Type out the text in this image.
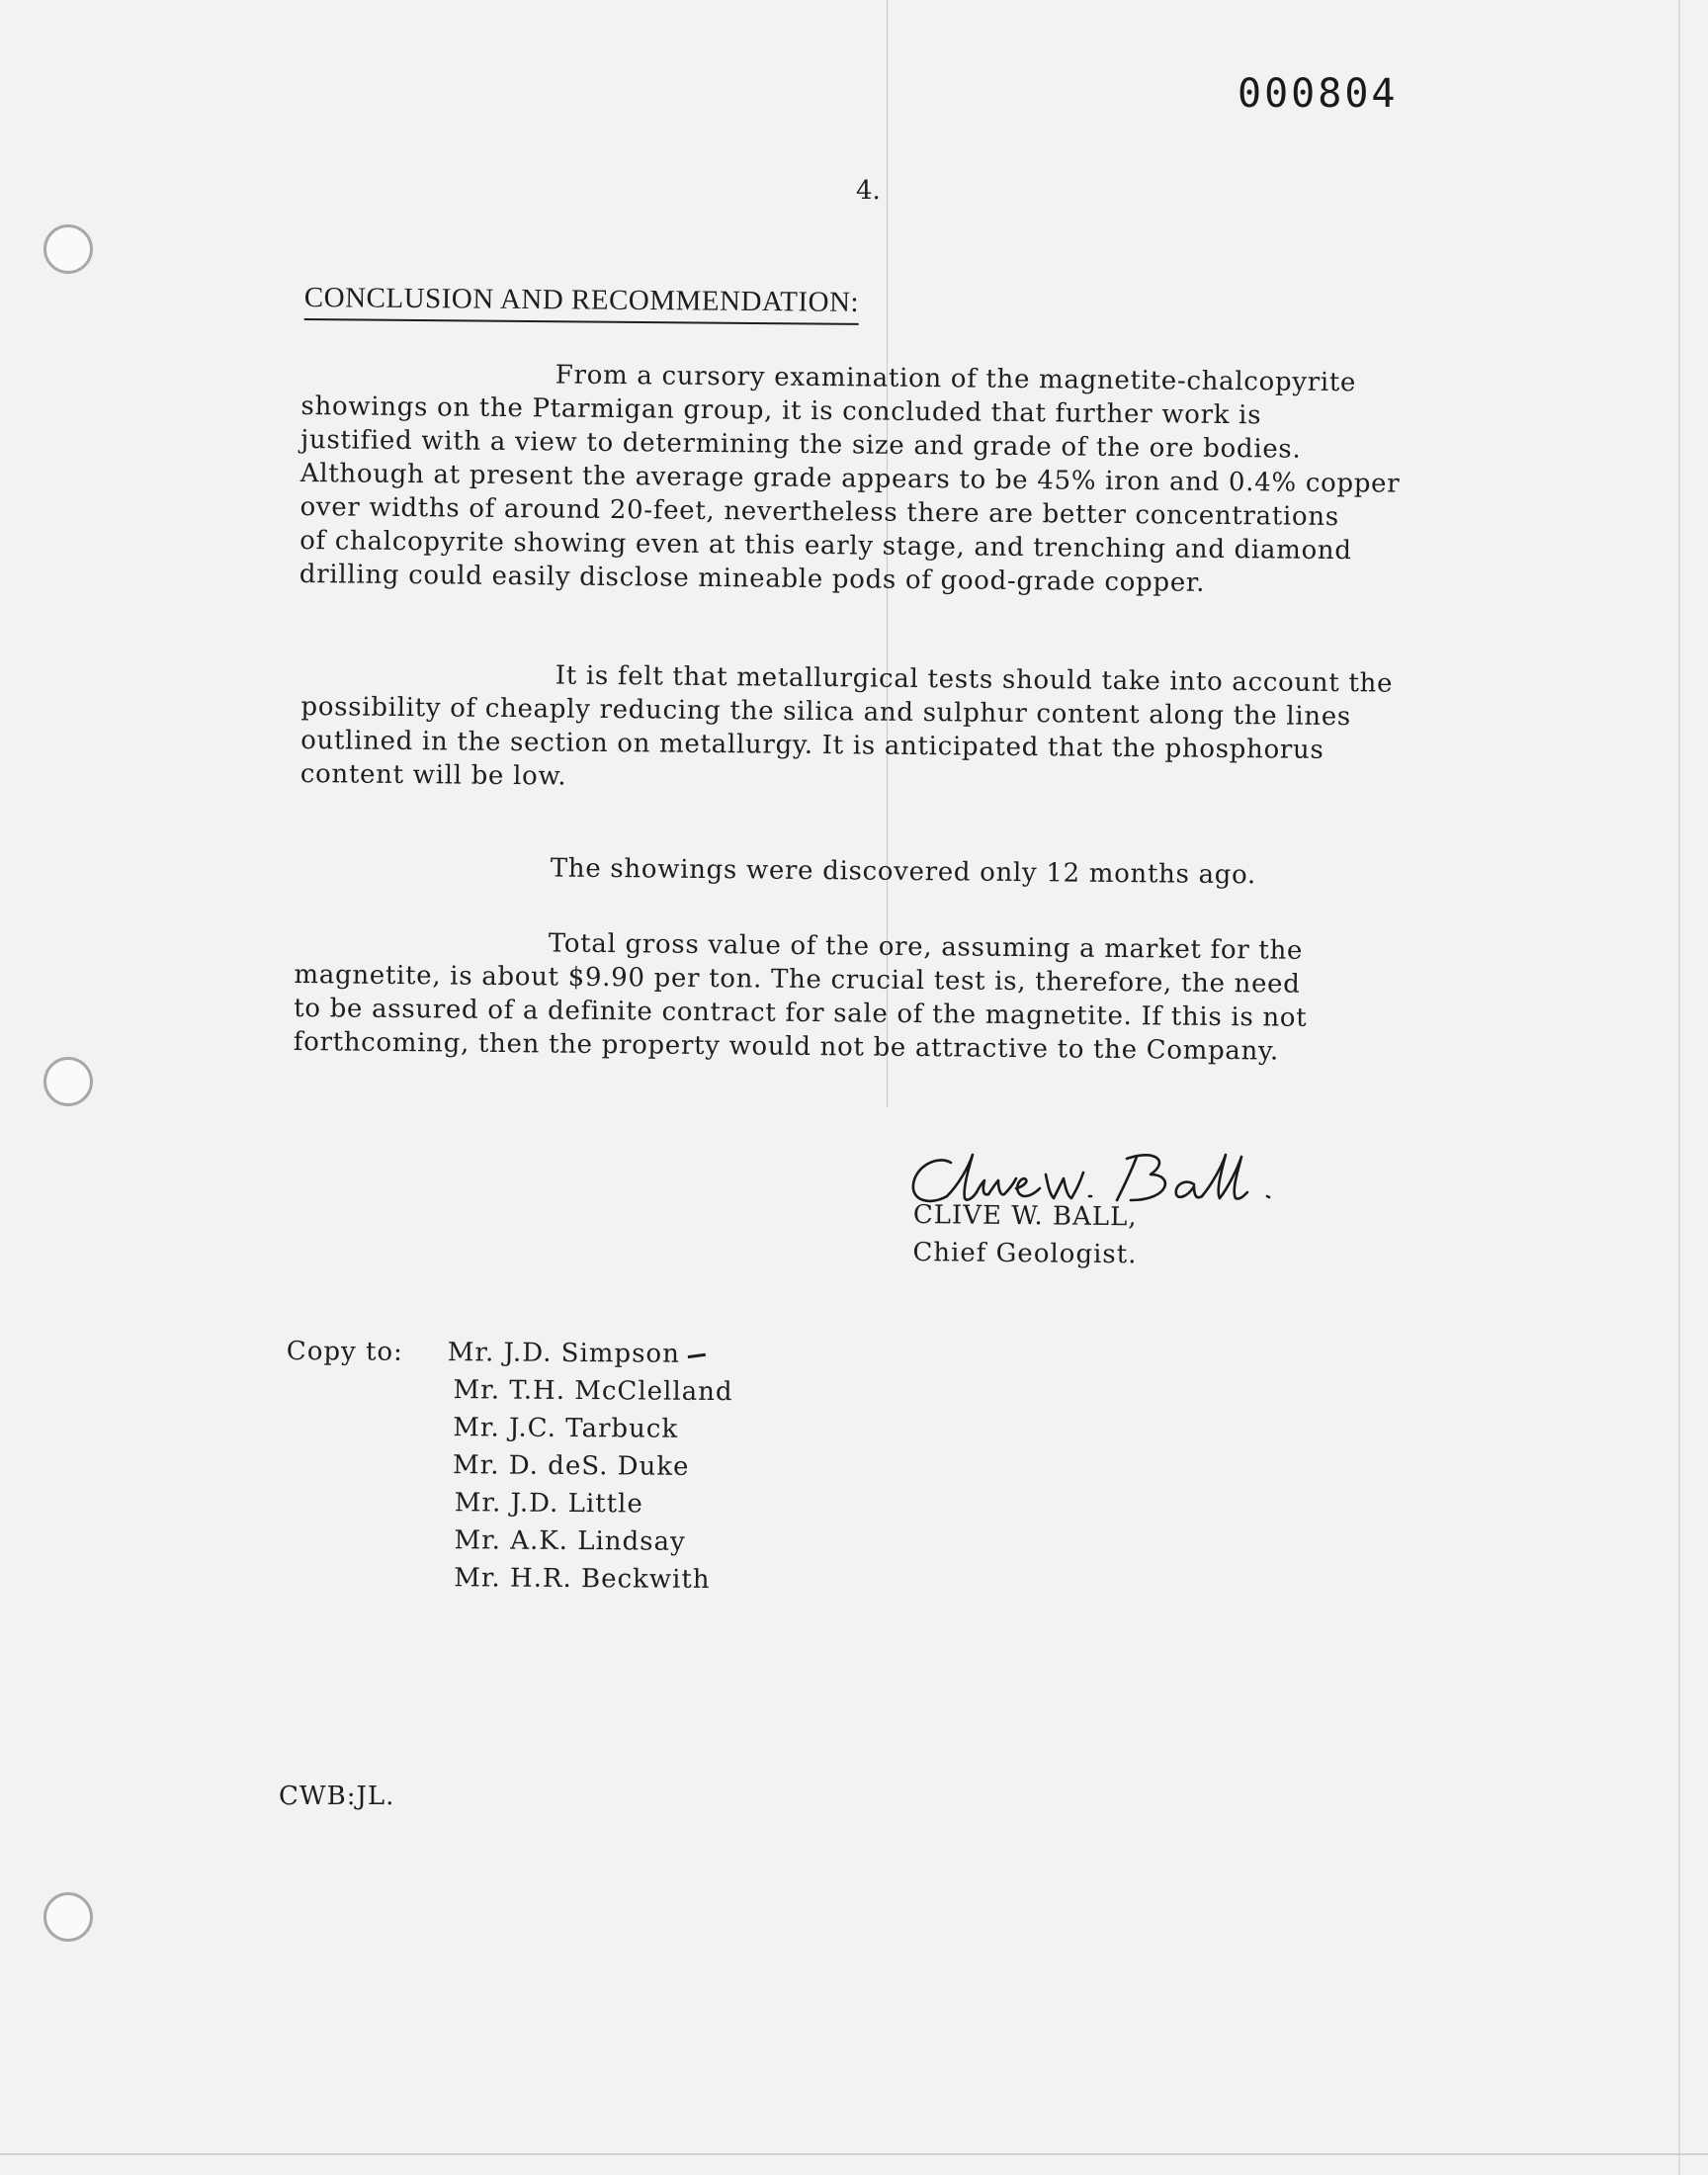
000804
4.
CONCLUSION AND RECOMMENDATION:
From a cursory examination of the magnetite-chalcopyrite
showings on the Ptarmigan group, it is concluded that further work is
justified with a view to determining the size and grade of the ore bodies.
Although at present the average grade appears to be 45% iron and 0.4% copper
over widths of around 20-feet, nevertheless there are better concentrations
of chalcopyrite showing even at this early stage, and trenching and diamond
drilling could easily disclose mineable pods of good-grade copper.
It is felt that metallurgical tests should take into account the
possibility of cheaply reducing the silica and sulphur content along the lines
outlined in the section on metallurgy. It is anticipated that the phosphorus
content will be low.
The showings were discovered only 12 months ago.
Total gross value of the ore, assuming a market for the
magnetite, is about $9.90 per ton. The crucial test is, therefore, the need
to be assured of a definite contract for sale of the magnetite. If this is not
forthcoming, then the property would not be attractive to the Company.
CLIVE W. BALL,
Chief Geologist.
Copy to: Mr. J.D. Simpson
Mr. T.H. McClelland
Mr. J.C. Tarbuck
Mr. D. deS. Duke
Mr. J.D. Little
Mr. A.K. Lindsay
Mr. H.R. Beckwith
CWB:JL.
